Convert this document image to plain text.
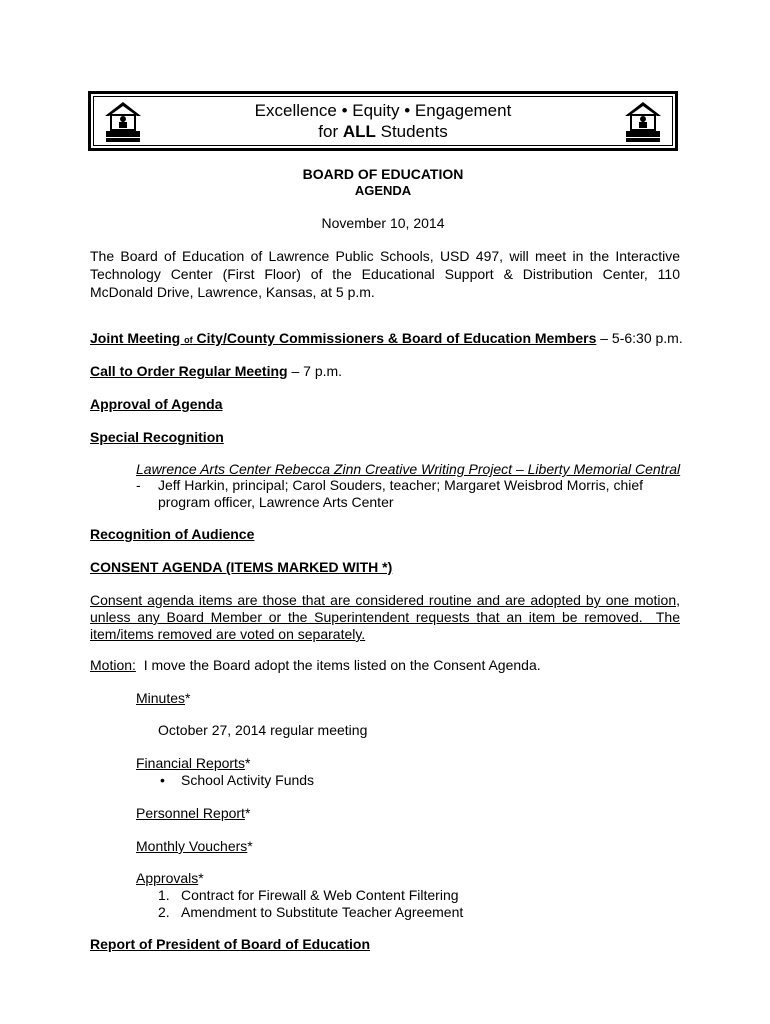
Excellence • Equity • Engagement
for ALL Students
BOARD OF EDUCATION
AGENDA
November 10, 2014
The Board of Education of Lawrence Public Schools, USD 497, will meet in the Interactive Technology Center (First Floor) of the Educational Support & Distribution Center, 110 McDonald Drive, Lawrence, Kansas, at 5 p.m.
Joint Meeting of City/County Commissioners & Board of Education Members – 5-6:30 p.m.
Call to Order Regular Meeting – 7 p.m.
Approval of Agenda
Special Recognition
Lawrence Arts Center Rebecca Zinn Creative Writing Project – Liberty Memorial Central
- Jeff Harkin, principal; Carol Souders, teacher; Margaret Weisbrod Morris, chief
program officer, Lawrence Arts Center
Recognition of Audience
CONSENT AGENDA (ITEMS MARKED WITH *)
Consent agenda items are those that are considered routine and are adopted by one motion,
unless any Board Member or the Superintendent requests that an item be removed.  The
item/items removed are voted on separately.
Motion:  I move the Board adopt the items listed on the Consent Agenda.
Minutes*
October 27, 2014 regular meeting
Financial Reports*
• School Activity Funds
Personnel Report*
Monthly Vouchers*
Approvals*
1. Contract for Firewall & Web Content Filtering
2. Amendment to Substitute Teacher Agreement
Report of President of Board of Education
